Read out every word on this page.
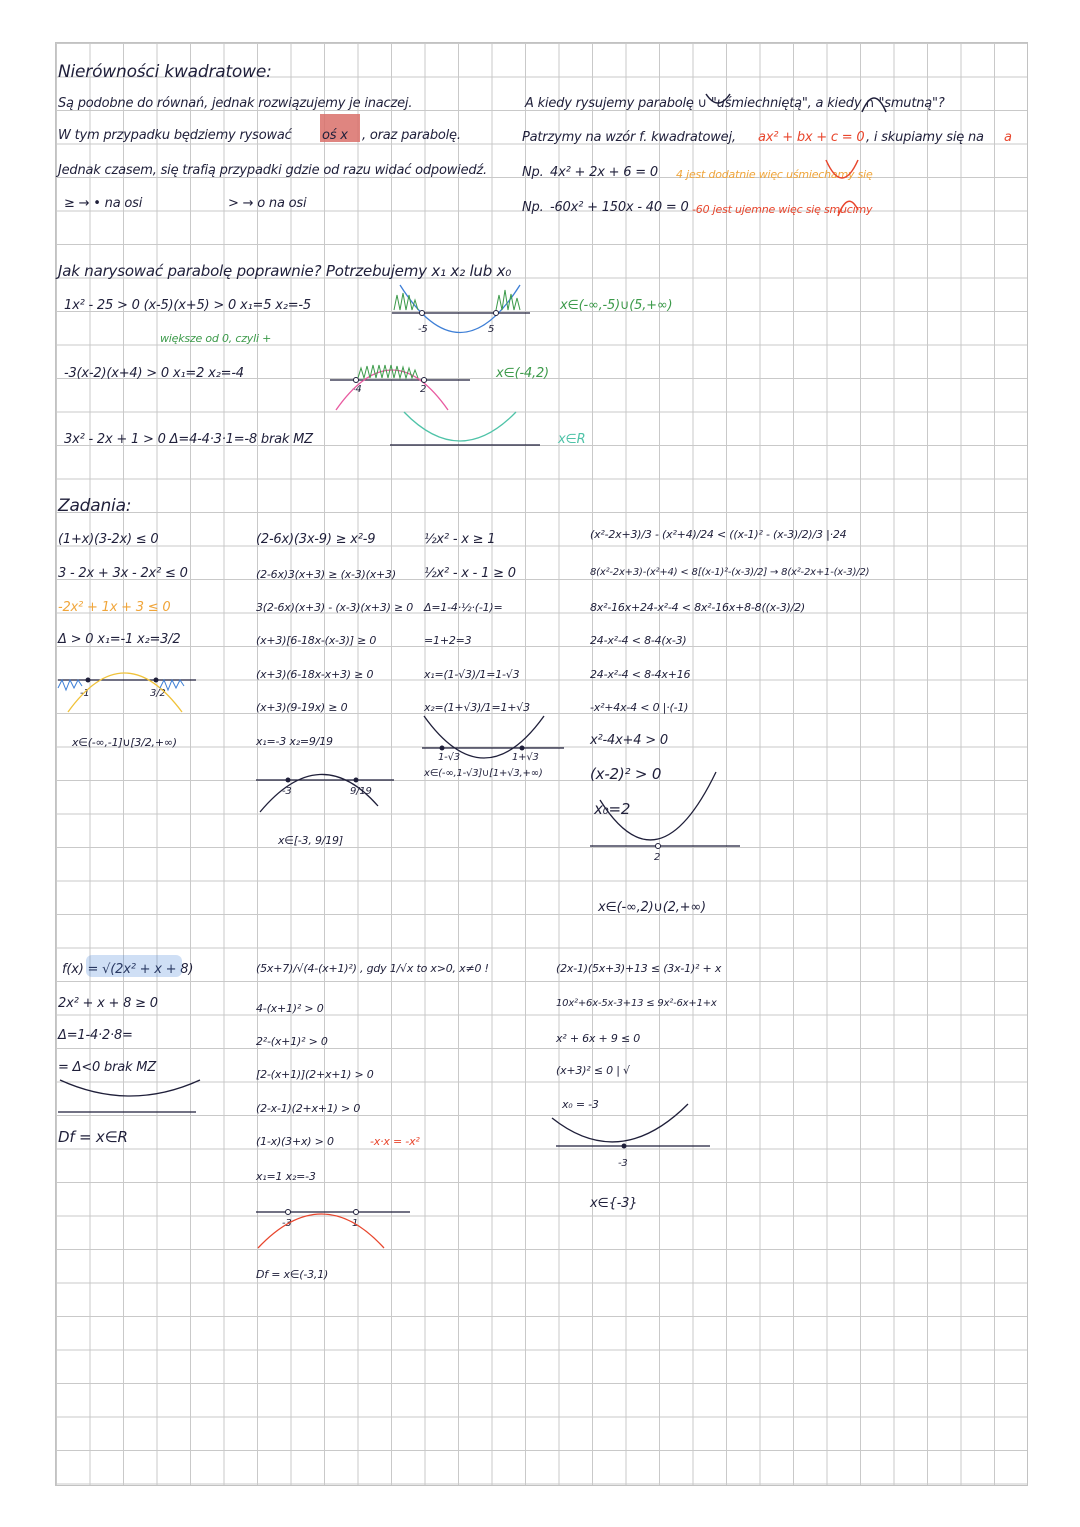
Nierówności kwadratowe:
Są podobne do równań, jednak rozwiązujemy je inaczej.
W tym przypadku będziemy rysować oś x , oraz parabolę.
Jednak czasem, się trafią przypadki gdzie od razu widać odpowiedź.
≥ → • na osi	> → o na osi
A kiedy rysujemy parabolę ∪ "uśmiechniętą", a kiedy ∩ "smutną"?
Patrzymy na wzór f. kwadratowej, ax² + bx + c = 0 , i skupiamy się na a
Np. 4x² + 2x + 6 = 0 4 jest dodatnie więc uśmiechamy się
Np. -60x² + 150x - 40 = 0 -60 jest ujemne więc się smucimy
Jak narysować parabolę poprawnie? Potrzebujemy x₁ x₂ lub x₀
1x² - 25 > 0 (x-5)(x+5) > 0 x₁=5 x₂=-5
większe od 0, czyli +
x∈(-∞,-5)∪(5,+∞)
-3(x-2)(x+4) > 0 x₁=2 x₂=-4	x∈(-4,2)
3x² - 2x + 1 > 0 Δ=4-4·3·1=-8 brak MZ	x∈R
-5	5
-4	2
Zadania:
(1+x)(3-2x) ≤ 0
3 - 2x + 3x - 2x² ≤ 0
-2x² + 1x + 3 ≤ 0
Δ > 0 x₁=-1 x₂=3/2
x∈(-∞,-1]∪[3/2,+∞)
-1	3/2
(2-6x)(3x-9) ≥ x²-9
(2-6x)3(x+3) ≥ (x-3)(x+3)
3(2-6x)(x+3) - (x-3)(x+3) ≥ 0
(x+3)[6-18x-(x-3)] ≥ 0
(x+3)(6-18x-x+3) ≥ 0
(x+3)(9-19x) ≥ 0
x₁=-3 x₂=9/19
x∈[-3, 9/19]
-3	9/19
½x² - x ≥ 1
½x² - x - 1 ≥ 0
Δ=1-4·½·(-1)=
=1+2=3
x₁=(1-√3)/1=1-√3
x₂=(1+√3)/1=1+√3
x∈(-∞,1-√3]∪[1+√3,+∞)
1-√3	1+√3
(x²-2x+3)/3 - (x²+4)/24 < ((x-1)² - (x-3)/2)/3 |·24
8(x²-2x+3)-(x²+4) < 8[(x-1)²-(x-3)/2] → 8(x²-2x+1-(x-3)/2)
8x²-16x+24-x²-4 < 8x²-16x+8-8((x-3)/2)
24-x²-4 < 8-4(x-3)
24-x²-4 < 8-4x+16
-x²+4x-4 < 0 |·(-1)
x²-4x+4 > 0
(x-2)² > 0
x₀=2
x∈(-∞,2)∪(2,+∞)
2
f(x) = √(2x² + x + 8)
2x² + x + 8 ≥ 0
Δ=1-4·2·8=
= Δ<0 brak MZ
Df = x∈R
(5x+7)/√(4-(x+1)²) , gdy 1/√x to x>0, x≠0 !
4-(x+1)² > 0
2²-(x+1)² > 0
[2-(x+1)](2+x+1) > 0
(2-x-1)(2+x+1) > 0
(1-x)(3+x) > 0	-x·x = -x²
x₁=1 x₂=-3
Df = x∈(-3,1)
-3	1
(2x-1)(5x+3)+13 ≤ (3x-1)² + x
10x²+6x-5x-3+13 ≤ 9x²-6x+1+x
x² + 6x + 9 ≤ 0
(x+3)² ≤ 0 | √
x₀ = -3
x∈{-3}
-3
